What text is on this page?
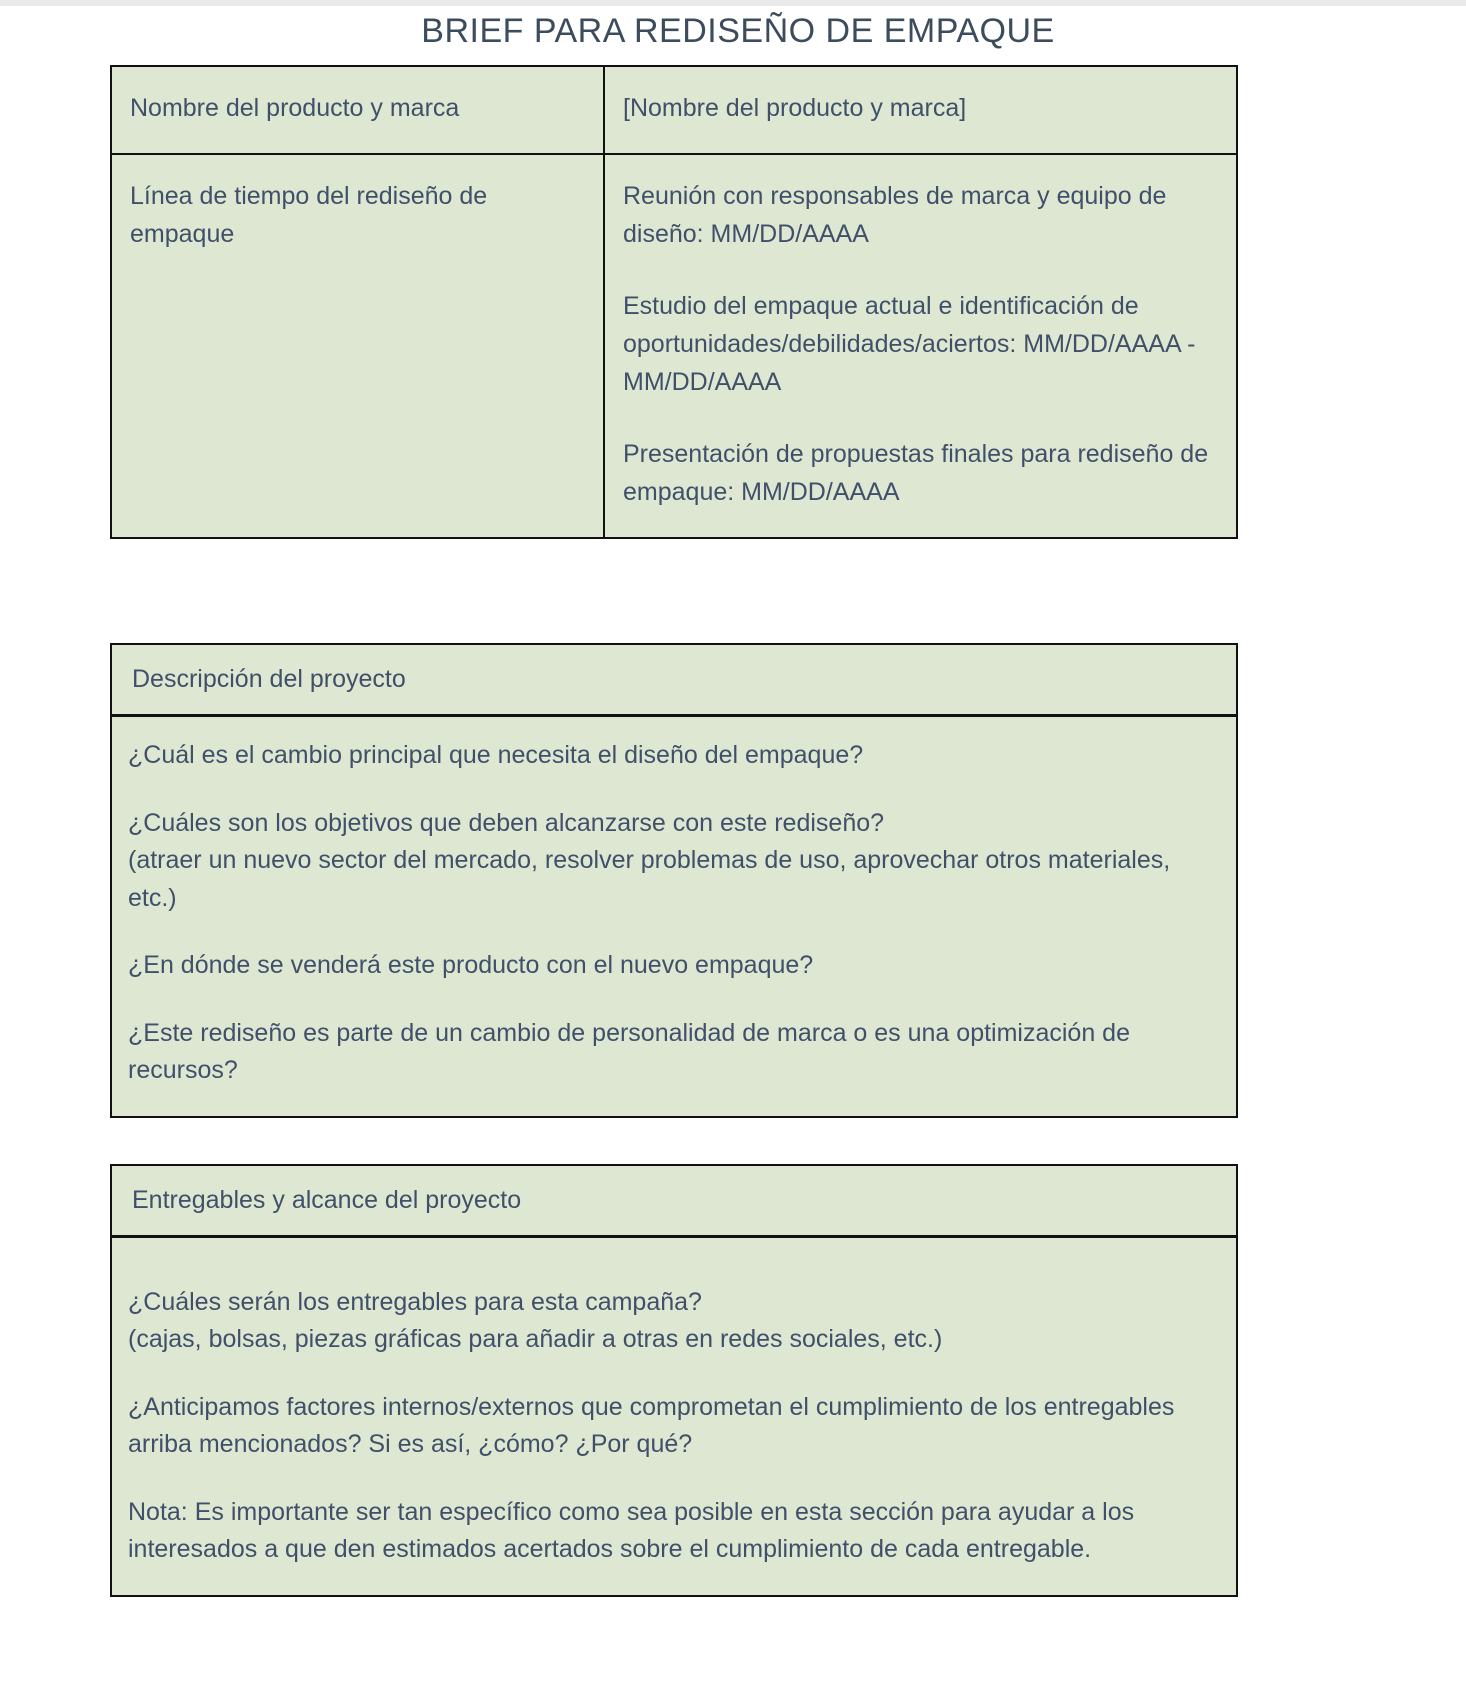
BRIEF PARA REDISEÑO DE EMPAQUE
Nombre del producto y marca	[Nombre del producto y marca]

Línea de tiempo del rediseño de empaque	Reunión con responsables de marca y equipo de diseño: MM/DD/AAAA

Estudio del empaque actual e identificación de oportunidades/debilidades/aciertos: MM/DD/AAAA - MM/DD/AAAA

Presentación de propuestas finales para rediseño de empaque: MM/DD/AAAA

Descripción del proyecto

¿Cuál es el cambio principal que necesita el diseño del empaque?

¿Cuáles son los objetivos que deben alcanzarse con este rediseño?
(atraer un nuevo sector del mercado, resolver problemas de uso, aprovechar otros materiales, etc.)

¿En dónde se venderá este producto con el nuevo empaque?

¿Este rediseño es parte de un cambio de personalidad de marca o es una optimización de recursos?

Entregables y alcance del proyecto

¿Cuáles serán los entregables para esta campaña?
(cajas, bolsas, piezas gráficas para añadir a otras en redes sociales, etc.)

¿Anticipamos factores internos/externos que comprometan el cumplimiento de los entregables arriba mencionados? Si es así, ¿cómo? ¿Por qué?

Nota: Es importante ser tan específico como sea posible en esta sección para ayudar a los interesados a que den estimados acertados sobre el cumplimiento de cada entregable.
